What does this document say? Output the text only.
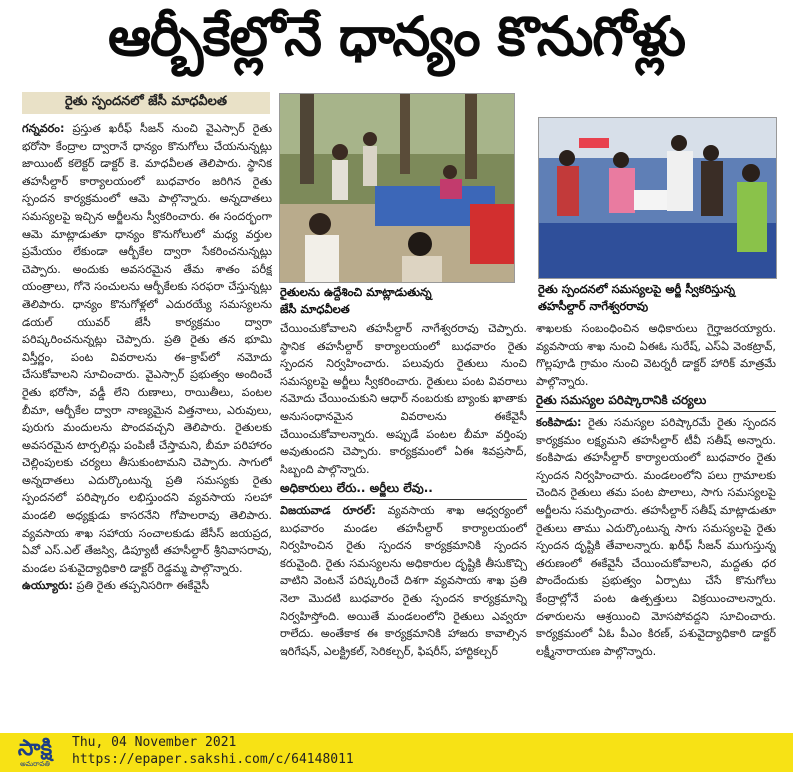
ఆర్బీకేల్లోనే ధాన్యం కొనుగోళ్లు
రైతు స్పందనలో జేసీ మాధవీలత

గన్నవరం: ప్రస్తుత ఖరీఫ్ సీజన్ నుంచి వైఎస్సార్ రైతు భరోసా కేంద్రాల ద్వారానే ధాన్యం కొనుగోలు చేయనున్నట్లు జాయింట్ కలెక్టర్ డాక్టర్ కె. మాధవీలత తెలిపారు. స్థానిక తహసీల్దార్ కార్యాలయంలో బుధవారం జరిగిన రైతు స్పందన కార్యక్రమంలో ఆమె పాల్గొన్నారు. అన్నదాతలు సమస్యలపై ఇచ్చిన అర్జీలను స్వీకరించారు. ఈ సందర్భంగా ఆమె మాట్లాడుతూ ధాన్యం కొనుగోలులో మధ్య వర్తుల ప్రమేయం లేకుండా ఆర్బీకేల ద్వారా సేకరించనున్నట్లు చెప్పారు. అందుకు అవసరమైన తేమ శాతం పరీక్ష యంత్రాలు, గోనె సంచులను ఆర్బీకేలకు సరఫరా చేస్తున్నట్లు తెలిపారు. ధాన్యం కొనుగోళ్లలో ఎదురయ్యే సమస్యలను డయల్ యువర్ జేసీ కార్యక్రమం ద్వారా పరిష్కరించనున్నట్లు చెప్పారు. ప్రతి రైతు తన భూమి విస్తీర్ణం, పంట వివరాలను ఈ–క్రాప్‌లో నమోదు చేసుకోవాలని సూచించారు. వైఎస్సార్ ప్రభుత్వం అందించే రైతు భరోసా, వడ్డీ లేని రుణాలు, రాయితీలు, పంటల బీమా, ఆర్బీకేల ద్వారా నాణ్యమైన విత్తనాలు, ఎరువులు, పురుగు మందులను పొందవచ్చని తెలిపారు. రైతులకు అవసరమైన టార్పలిన్లు పంపిణీ చేస్తామని, బీమా పరిహారం చెల్లింపులకు చర్యలు తీసుకుంటామని చెప్పారు. సాగులో అన్నదాతలు ఎదుర్కొంటున్న ప్రతి సమస్యకు రైతు స్పందనలో పరిష్కారం లభిస్తుందని వ్యవసాయ సలహా మండలి అధ్యక్షుడు కాసరనేని గోపాలరావు తెలిపారు. వ్యవసాయ శాఖ సహాయ సంచాలకుడు జేసీస్ జయప్రద, ఏవో ఎస్.ఎల్ తేజస్వి, డిప్యూటీ తహసీల్దార్ శ్రీనివాసరావు, మండల పశువైద్యాధికారి డాక్టర్ రెడ్డమ్మ పాల్గొన్నారు.

ఉయ్యూరు: ప్రతి రైతు తప్పనిసరిగా ఈకేవైసీ

రైతులను ఉద్దేశించి మాట్లాడుతున్న
జేసీ మాధవీలత
రైతు స్పందనలో సమస్యలపై అర్జీ స్వీకరిస్తున్న
తహసీల్దార్ నాగేశ్వరరావు

చేయించుకోవాలని తహసీల్దార్ నాగేశ్వరరావు చెప్పారు. స్థానిక తహసీల్దార్ కార్యాలయంలో బుధవారం రైతు స్పందన నిర్వహించారు. పలువురు రైతులు నుంచి సమస్యలపై అర్జీలు స్వీకరించారు. రైతులు పంట వివరాలు నమోదు చేయించుకుని ఆధార్ నంబరుకు బ్యాంకు ఖాతాకు అనుసంధానమైన వివరాలను ఈకేవైసీ చేయించుకోవాలన్నారు. అప్పుడే పంటల బీమా వర్తింపు అవుతుందని చెప్పారు. కార్యక్రమంలో ఏఈ శివప్రసాద్, సిబ్బంది పాల్గొన్నారు.

అధికారులు లేరు.. అర్జీలు లేవు..

విజయవాడ రూరల్: వ్యవసాయ శాఖ ఆధ్వర్యంలో బుధవారం మండల తహసీల్దార్ కార్యాలయంలో నిర్వహించిన రైతు స్పందన కార్యక్రమానికి స్పందన కరువైంది. రైతు సమస్యలను అధికారుల దృష్టికి తీసుకొచ్చి వాటిని వెంటనే పరిష్కరించే దిశగా వ్యవసాయ శాఖ ప్రతి నెలా మొదటి బుధవారం రైతు స్పందన కార్యక్రమాన్ని నిర్వహిస్తోంది. అయితే మండలంలోని రైతులు ఎవ్వరూ రాలేదు. అంతేకాక ఈ కార్యక్రమానికి హాజరు కావాల్సిన ఇరిగేషన్, ఎలక్ట్రికల్, సెరికల్చర్, ఫిషరీస్, హార్టికల్చర్

శాఖలకు సంబంధించిన అధికారులు గైర్హాజరయ్యారు. వ్యవసాయ శాఖ నుంచి ఏఈఓ సురేష్, ఎస్ఏ వెంకట్రావ్, గొల్లపూడి గ్రామం నుంచి వెటర్నరీ డాక్టర్ హారిక్ మాత్రమే పాల్గొన్నారు.

రైతు సమస్యల పరిష్కారానికి చర్యలు

కంకిపాడు: రైతు సమస్యల పరిష్కారమే రైతు స్పందన కార్యక్రమం లక్ష్యమని తహసీల్దార్ టీవీ సతీష్ అన్నారు. కంకిపాడు తహసీల్దార్ కార్యాలయంలో బుధవారం రైతు స్పందన నిర్వహించారు. మండలంలోని పలు గ్రామాలకు చెందిన రైతులు తమ పంట పొలాలు, సాగు సమస్యలపై అర్జీలను సమర్పించారు. తహసీల్దార్ సతీష్ మాట్లాడుతూ రైతులు తాము ఎదుర్కొంటున్న సాగు సమస్యలపై రైతు స్పందన దృష్టికి తేవాలన్నారు. ఖరీఫ్ సీజన్ ముగుస్తున్న తరుణంలో ఈకేవైసీ చేయించుకోవాలని, మద్దతు ధర పొందేందుకు ప్రభుత్వం ఏర్పాటు చేసే కొనుగోలు కేంద్రాల్లోనే పంట ఉత్పత్తులు విక్రయించాలన్నారు. దళారులను ఆశ్రయించి మోసపోవద్దని సూచించారు. కార్యక్రమంలో ఏఓ పీఎం కిరణ్, పశువైద్యాధికారి డాక్టర్ లక్ష్మీనారాయణ పాల్గొన్నారు.

సాక్షి
అమరావతి
Thu, 04 November 2021
https://epaper.sakshi.com/c/64148011
